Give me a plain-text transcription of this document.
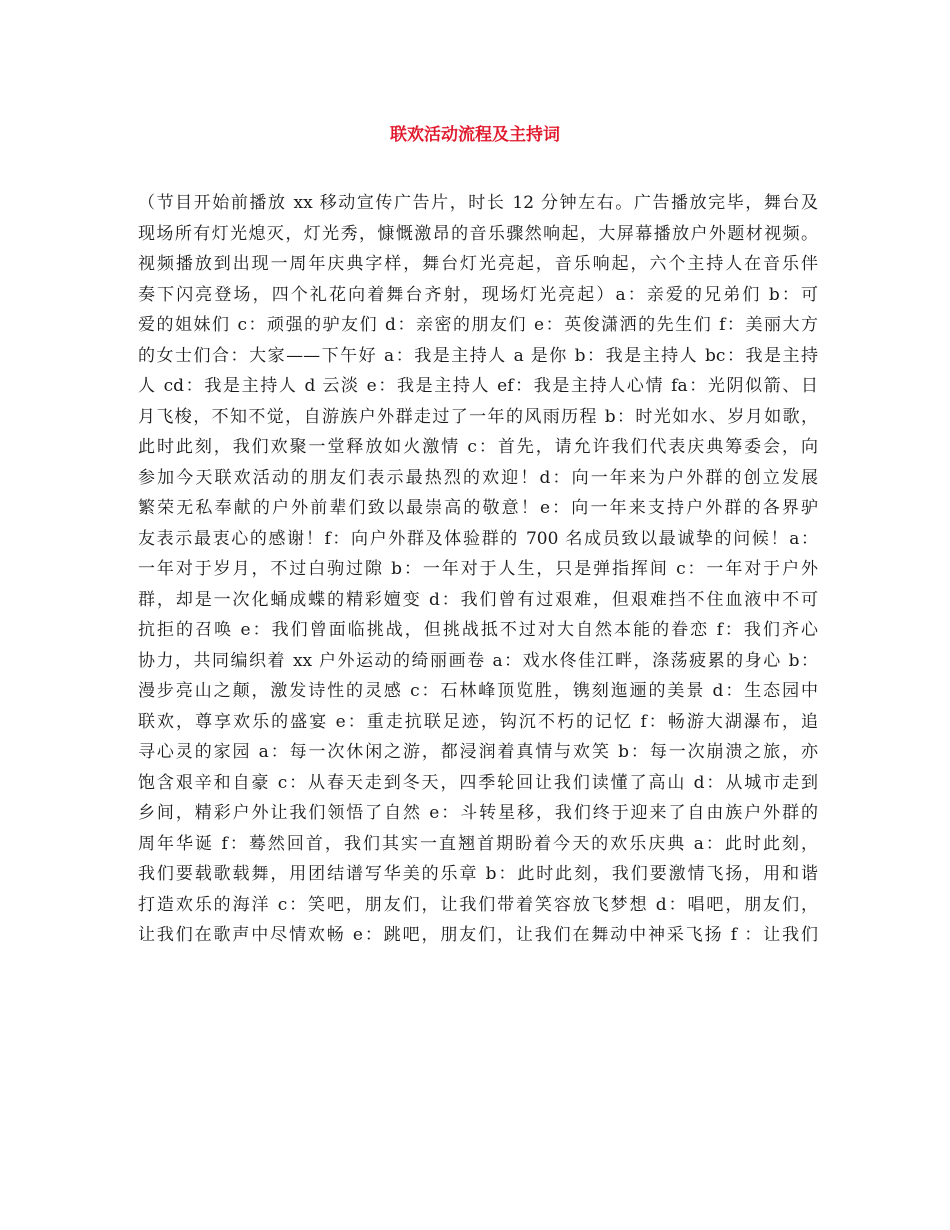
联欢活动流程及主持词
（节目开始前播放 xx 移动宣传广告片，时长 12 分钟左右。广告播放完毕，舞台及
现场所有灯光熄灭，灯光秀，慷慨激昂的音乐骤然响起，大屏幕播放户外题材视频。
视频播放到出现一周年庆典字样，舞台灯光亮起，音乐响起，六个主持人在音乐伴
奏下闪亮登场，四个礼花向着舞台齐射，现场灯光亮起）a：亲爱的兄弟们 b：可
爱的姐妹们 c：顽强的驴友们 d：亲密的朋友们 e：英俊潇洒的先生们 f：美丽大方
的女士们合：大家——下午好 a：我是主持人 a 是你 b：我是主持人 bc：我是主持
人 cd：我是主持人 d 云淡 e：我是主持人 ef：我是主持人心情 fa：光阴似箭、日
月飞梭，不知不觉，自游族户外群走过了一年的风雨历程 b：时光如水、岁月如歌，
此时此刻，我们欢聚一堂释放如火激情 c：首先，请允许我们代表庆典筹委会，向
参加今天联欢活动的朋友们表示最热烈的欢迎！d：向一年来为户外群的创立发展
繁荣无私奉献的户外前辈们致以最崇高的敬意！e：向一年来支持户外群的各界驴
友表示最衷心的感谢！f：向户外群及体验群的 700 名成员致以最诚挚的问候！a：
一年对于岁月，不过白驹过隙 b：一年对于人生，只是弹指挥间 c：一年对于户外
群，却是一次化蛹成蝶的精彩嬗变 d：我们曾有过艰难，但艰难挡不住血液中不可
抗拒的召唤 e：我们曾面临挑战，但挑战抵不过对大自然本能的眷恋 f：我们齐心
协力，共同编织着 xx 户外运动的绮丽画卷 a：戏水佟佳江畔，涤荡疲累的身心 b：
漫步亮山之颠，激发诗性的灵感 c：石林峰顶览胜，镌刻迤逦的美景 d：生态园中
联欢，尊享欢乐的盛宴 e：重走抗联足迹，钩沉不朽的记忆 f：畅游大湖瀑布，追
寻心灵的家园 a：每一次休闲之游，都浸润着真情与欢笑 b：每一次崩溃之旅，亦
饱含艰辛和自豪 c：从春天走到冬天，四季轮回让我们读懂了高山 d：从城市走到
乡间，精彩户外让我们领悟了自然 e：斗转星移，我们终于迎来了自由族户外群的
周年华诞 f：蓦然回首，我们其实一直翘首期盼着今天的欢乐庆典 a：此时此刻，
我们要载歌载舞，用团结谱写华美的乐章 b：此时此刻，我们要激情飞扬，用和谐
打造欢乐的海洋 c：笑吧，朋友们，让我们带着笑容放飞梦想 d：唱吧，朋友们，
让我们在歌声中尽情欢畅 e：跳吧，朋友们，让我们在舞动中神采飞扬 f ：让我们
